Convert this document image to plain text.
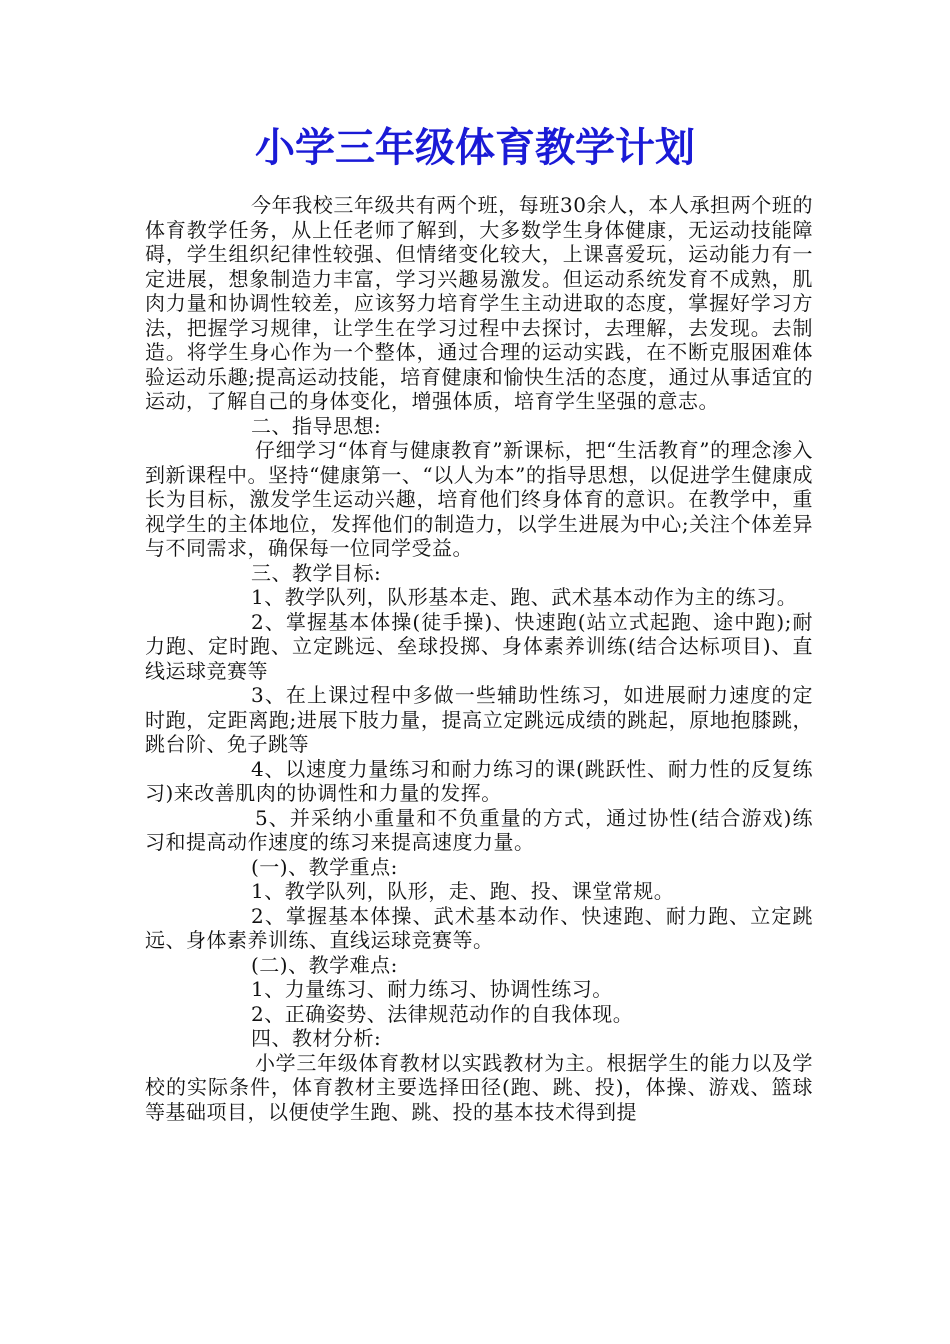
小学三年级体育教学计划

今年我校三年级共有两个班，每班30余人，本人承担两个班的体育教学任务，从上任老师了解到，大多数学生身体健康，无运动技能障碍，学生组织纪律性较强、但情绪变化较大，上课喜爱玩，运动能力有一定进展，想象制造力丰富，学习兴趣易激发。但运动系统发育不成熟，肌肉力量和协调性较差，应该努力培育学生主动进取的态度，掌握好学习方法，把握学习规律，让学生在学习过程中去探讨，去理解，去发现。去制造。将学生身心作为一个整体，通过合理的运动实践，在不断克服困难体验运动乐趣;提高运动技能，培育健康和愉快生活的态度，通过从事适宜的运动，了解自己的身体变化，增强体质，培育学生坚强的意志。

二、指导思想:

仔细学习“体育与健康教育”新课标，把“生活教育”的理念渗入到新课程中。坚持“健康第一、“以人为本”的指导思想，以促进学生健康成长为目标，激发学生运动兴趣，培育他们终身体育的意识。在教学中，重视学生的主体地位，发挥他们的制造力，以学生进展为中心;关注个体差异与不同需求，确保每一位同学受益。

三、教学目标:

1、教学队列，队形基本走、跑、武术基本动作为主的练习。

2、掌握基本体操(徒手操)、快速跑(站立式起跑、途中跑);耐力跑、定时跑、立定跳远、垒球投掷、身体素养训练(结合达标项目)、直线运球竞赛等

3、在上课过程中多做一些辅助性练习，如进展耐力速度的定时跑，定距离跑;进展下肢力量，提高立定跳远成绩的跳起，原地抱膝跳，跳台阶、免子跳等

4、以速度力量练习和耐力练习的课(跳跃性、耐力性的反复练习)来改善肌肉的协调性和力量的发挥。

5、并采纳小重量和不负重量的方式，通过协性(结合游戏)练习和提高动作速度的练习来提高速度力量。

(一)、教学重点:

1、教学队列，队形，走、跑、投、课堂常规。

2、掌握基本体操、武术基本动作、快速跑、耐力跑、立定跳远、身体素养训练、直线运球竞赛等。

(二)、教学难点:

1、力量练习、耐力练习、协调性练习。

2、正确姿势、法律规范动作的自我体现。

四、教材分析:

小学三年级体育教材以实践教材为主。根据学生的能力以及学校的实际条件，体育教材主要选择田径(跑、跳、投)，体操、游戏、篮球等基础项目，以便使学生跑、跳、投的基本技术得到提
